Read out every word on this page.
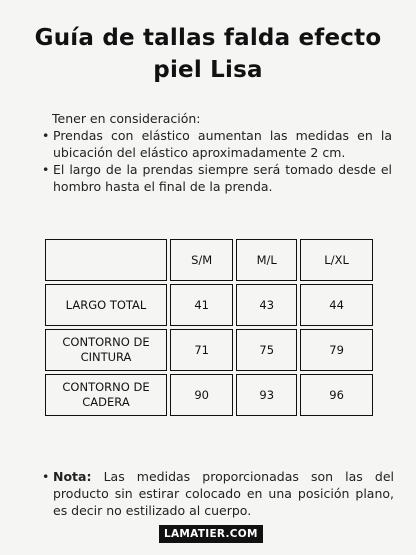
Guía de tallas falda efecto
piel Lisa
Tener en consideración:
• Prendas con elástico aumentan las medidas en la ubicación del elástico aproximadamente 2 cm.
• El largo de la prendas siempre será tomado desde el hombro hasta el final de la prenda.
	S/M	M/L	L/XL
LARGO TOTAL	41	43	44
CONTORNO DE CINTURA	71	75	79
CONTORNO DE CADERA	90	93	96
• Nota: Las medidas proporcionadas son las del producto sin estirar colocado en una posición plano, es decir no estilizado al cuerpo.
LAMATIER.COM
